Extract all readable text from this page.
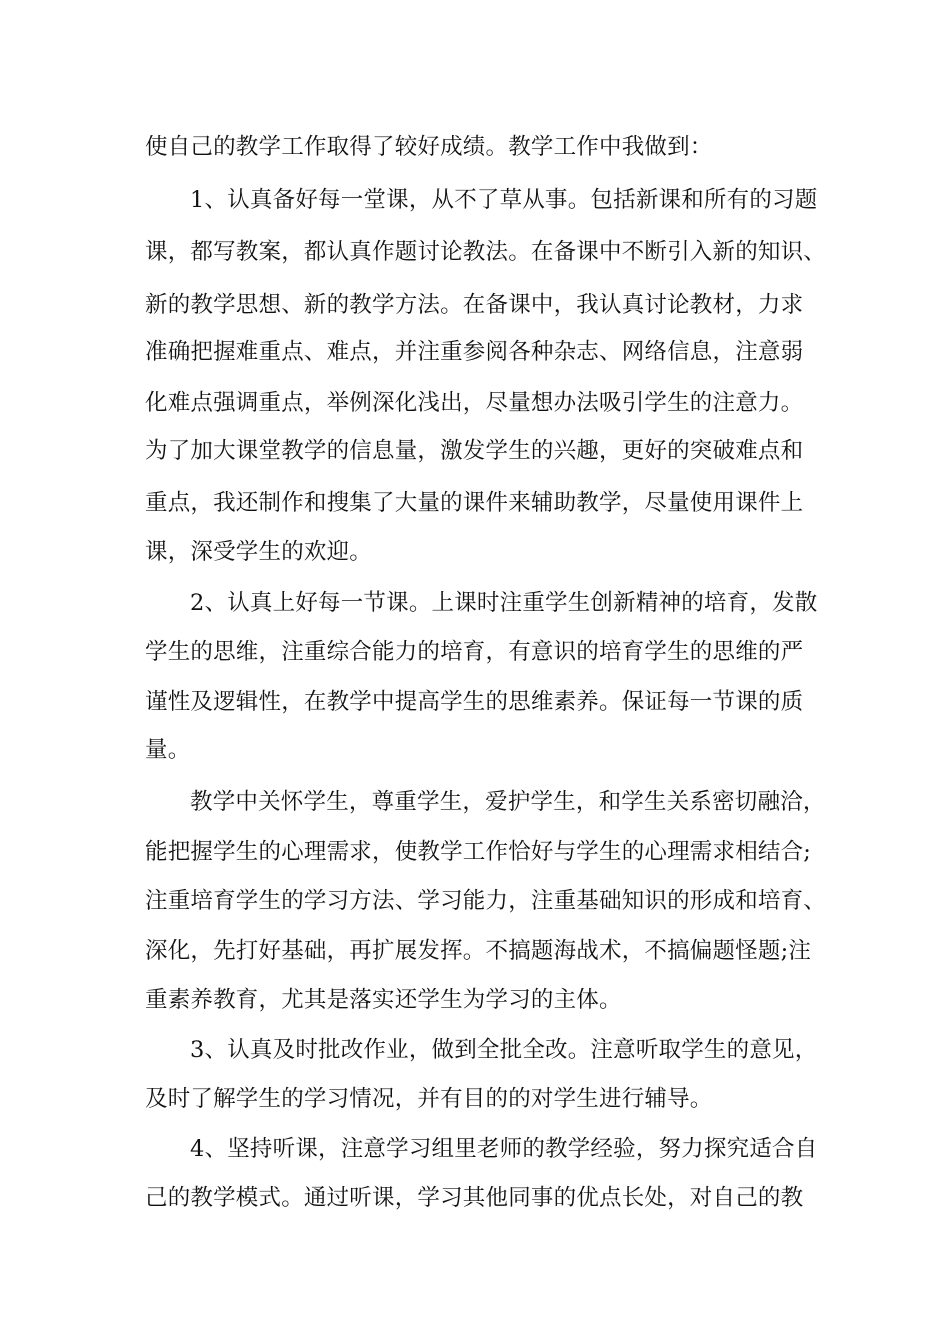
使自己的教学工作取得了较好成绩。教学工作中我做到：
1、认真备好每一堂课，从不了草从事。包括新课和所有的习题
课，都写教案，都认真作题讨论教法。在备课中不断引入新的知识、
新的教学思想、新的教学方法。在备课中，我认真讨论教材，力求
准确把握难重点、难点，并注重参阅各种杂志、网络信息，注意弱
化难点强调重点，举例深化浅出，尽量想办法吸引学生的注意力。
为了加大课堂教学的信息量，激发学生的兴趣，更好的突破难点和
重点，我还制作和搜集了大量的课件来辅助教学，尽量使用课件上
课，深受学生的欢迎。
2、认真上好每一节课。上课时注重学生创新精神的培育，发散
学生的思维，注重综合能力的培育，有意识的培育学生的思维的严
谨性及逻辑性，在教学中提高学生的思维素养。保证每一节课的质
量。
教学中关怀学生，尊重学生，爱护学生，和学生关系密切融洽，
能把握学生的心理需求，使教学工作恰好与学生的心理需求相结合;
注重培育学生的学习方法、学习能力，注重基础知识的形成和培育、
深化，先打好基础，再扩展发挥。不搞题海战术，不搞偏题怪题;注
重素养教育，尤其是落实还学生为学习的主体。
3、认真及时批改作业，做到全批全改。注意听取学生的意见，
及时了解学生的学习情况，并有目的的对学生进行辅导。
4、坚持听课，注意学习组里老师的教学经验，努力探究适合自
己的教学模式。通过听课，学习其他同事的优点长处，对自己的教
